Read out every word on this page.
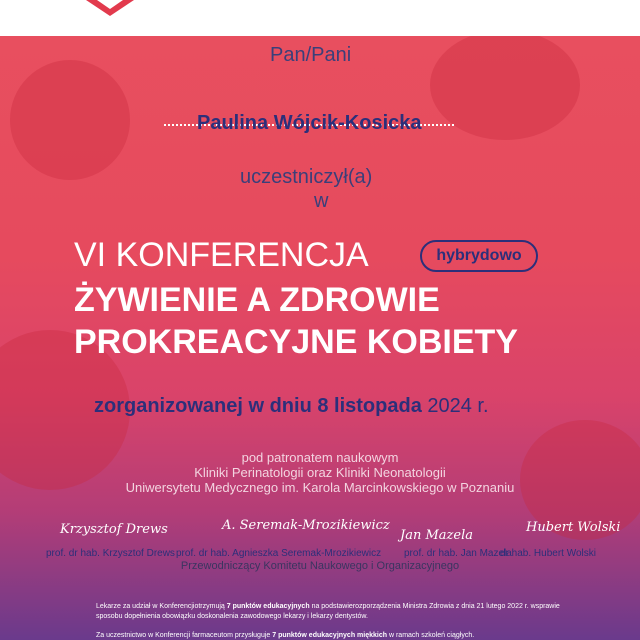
Pan/Pani
Paulina Wójcik-Kosicka
uczestniczył(a)
w
VI KONFERENCJA	hybrydowo
ŻYWIENIE A ZDROWIE
PROKREACYJNE KOBIETY
zorganizowanej w dniu 8 listopada 2024 r.
pod patronatem naukowym
Kliniki Perinatologii oraz Kliniki Neonatologii
Uniwersytetu Medycznego im. Karola Marcinkowskiego w Poznaniu
Krzysztof Drews	A. Seremak-Mrozikiewicz
Jan Mazela
Hubert Wolski
prof. dr hab. Krzysztof Drews prof. dr hab. Agnieszka Seremak-Mrozikiewicz prof. dr hab. Jan Mazela
dr hab. Hubert Wolski
Przewodniczący Komitetu Naukowego i Organizacyjnego
Lekarze za udział w Konferencjiotrzymują 7 punktów edukacyjnych na podstawierozporządzenia Ministra Zdrowia z dnia 21 lutego 2022 r. wsprawie
sposobu dopełnienia obowiązku doskonalenia zawodowego lekarzy i lekarzy dentystów.
Za uczestnictwo w Konferencji farmaceutom przysługuje 7 punktów edukacyjnych miękkich w ramach szkoleń ciągłych.
